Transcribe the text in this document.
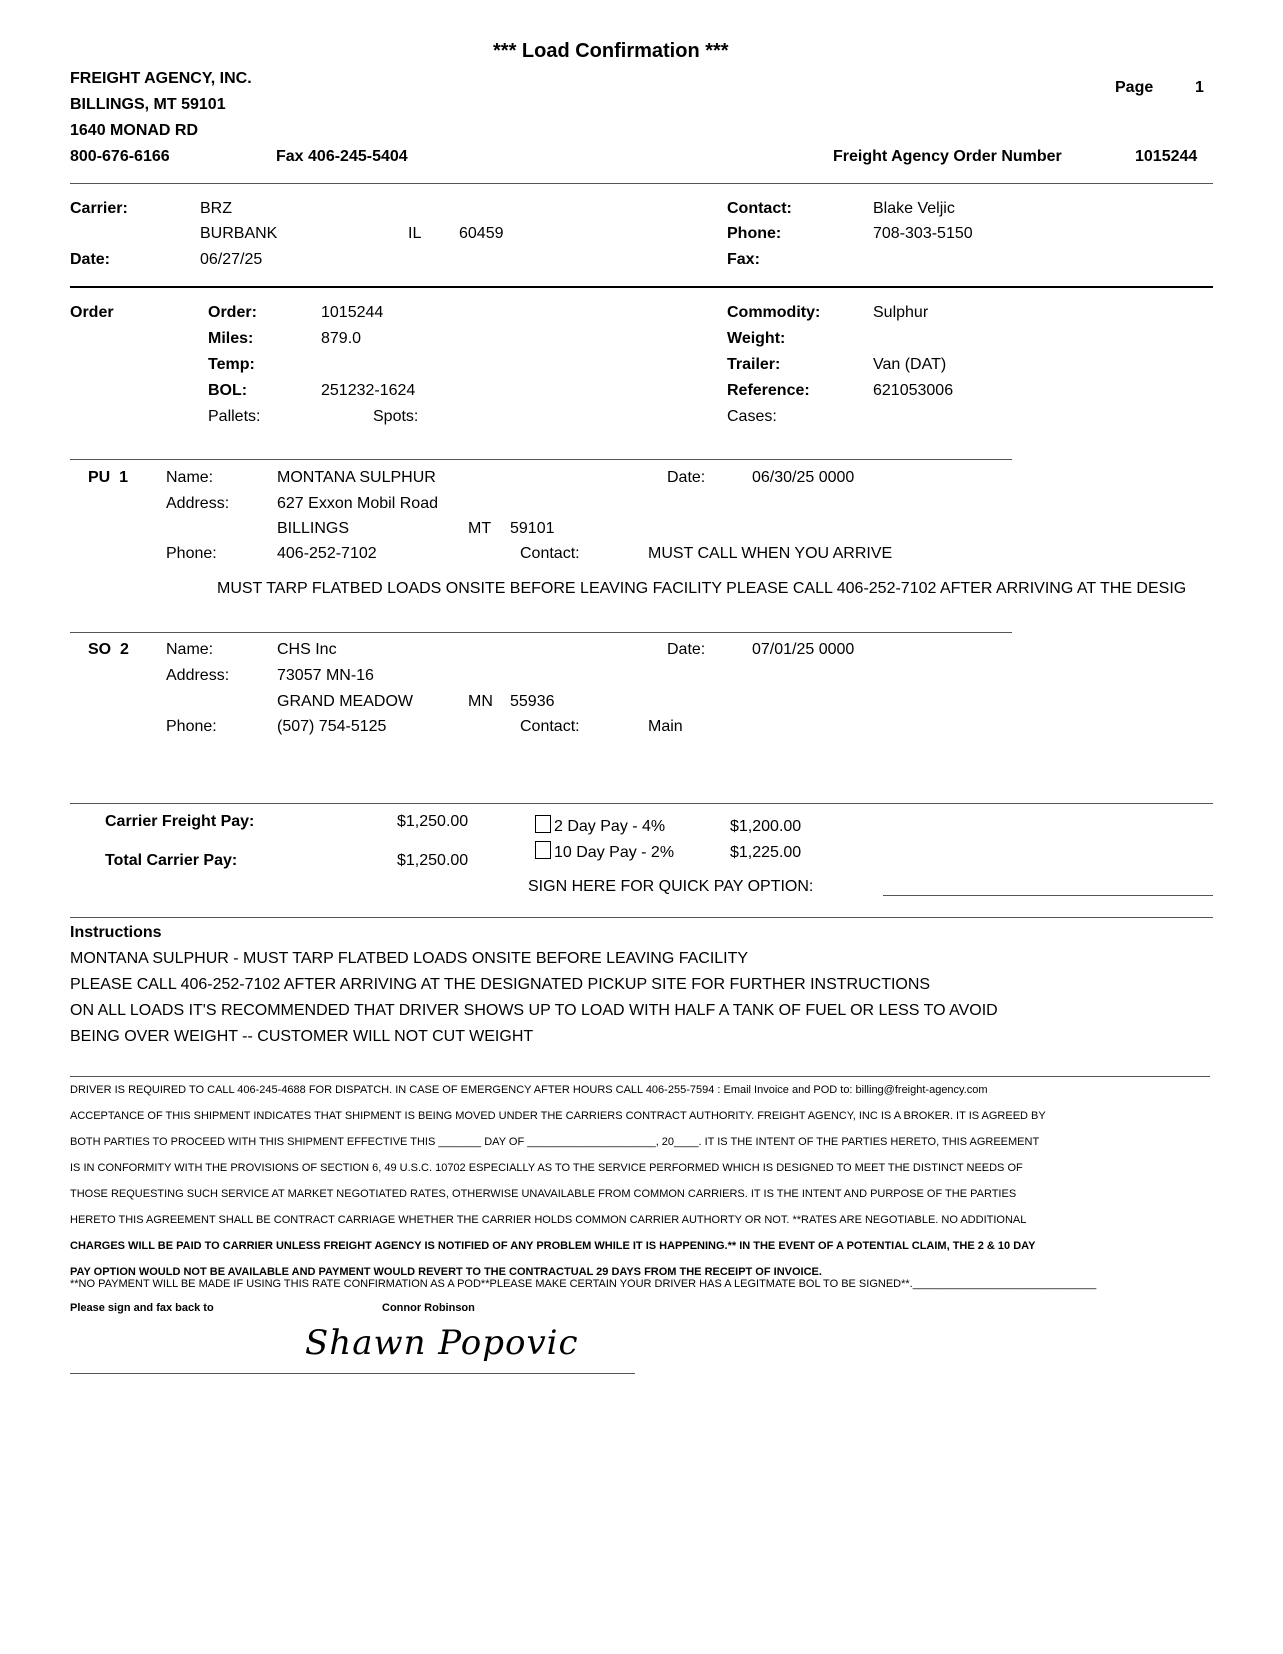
*** Load Confirmation ***
FREIGHT AGENCY, INC.
BILLINGS, MT 59101
1640 MONAD RD
800-676-6166	Fax 406-245-5404
Page	1
Freight Agency Order Number	1015244
Carrier:	BRZ
BURBANK	IL 60459
Date:	06/27/25
Contact:	Blake Veljic
Phone:	708-303-5150
Fax:
Order	Order:	1015244
Miles:	879.0
Temp:
BOL:	251232-1624
Pallets:	Spots:
Commodity:	Sulphur
Weight:
Trailer:	Van (DAT)
Reference:	621053006
Cases:
PU  1 Name:	MONTANA SULPHUR	Date:	06/30/25 0000
Address:	627 Exxon Mobil Road
BILLINGS	MT 59101
Phone:	406-252-7102	Contact:	MUST CALL WHEN YOU ARRIVE
MUST TARP FLATBED LOADS ONSITE BEFORE LEAVING FACILITY PLEASE CALL 406-252-7102 AFTER ARRIVING AT THE DESIG
SO  2 Name:	CHS Inc	Date:	07/01/25 0000
Address:	73057 MN-16
GRAND MEADOW	MN 55936
Phone:	(507) 754-5125	Contact:	Main
Carrier Freight Pay:	$1,250.00
Total Carrier Pay:	$1,250.00
2 Day Pay - 4%	$1,200.00
10 Day Pay - 2%	$1,225.00
SIGN HERE FOR QUICK PAY OPTION:
Instructions
MONTANA SULPHUR - MUST TARP FLATBED LOADS ONSITE BEFORE LEAVING FACILITY
PLEASE CALL 406-252-7102 AFTER ARRIVING AT THE DESIGNATED PICKUP SITE FOR FURTHER INSTRUCTIONS
ON ALL LOADS IT'S RECOMMENDED THAT DRIVER SHOWS UP TO LOAD WITH HALF A TANK OF FUEL OR LESS TO AVOID
BEING OVER WEIGHT -- CUSTOMER WILL NOT CUT WEIGHT
DRIVER IS REQUIRED TO CALL 406-245-4688 FOR DISPATCH. IN CASE OF EMERGENCY AFTER HOURS CALL 406-255-7594 : Email Invoice and POD to: billing@freight-agency.com
ACCEPTANCE OF THIS SHIPMENT INDICATES THAT SHIPMENT IS BEING MOVED UNDER THE CARRIERS CONTRACT AUTHORITY. FREIGHT AGENCY, INC IS A BROKER. IT IS AGREED BY
BOTH PARTIES TO PROCEED WITH THIS SHIPMENT EFFECTIVE THIS _______ DAY OF _____________________, 20____. IT IS THE INTENT OF THE PARTIES HERETO, THIS AGREEMENT
IS IN CONFORMITY WITH THE PROVISIONS OF SECTION 6, 49 U.S.C. 10702 ESPECIALLY AS TO THE SERVICE PERFORMED WHICH IS DESIGNED TO MEET THE DISTINCT NEEDS OF
THOSE REQUESTING SUCH SERVICE AT MARKET NEGOTIATED RATES, OTHERWISE UNAVAILABLE FROM COMMON CARRIERS. IT IS THE INTENT AND PURPOSE OF THE PARTIES
HERETO THIS AGREEMENT SHALL BE CONTRACT CARRIAGE WHETHER THE CARRIER HOLDS COMMON CARRIER AUTHORTY OR NOT. **RATES ARE NEGOTIABLE. NO ADDITIONAL
CHARGES WILL BE PAID TO CARRIER UNLESS FREIGHT AGENCY IS NOTIFIED OF ANY PROBLEM WHILE IT IS HAPPENING.** IN THE EVENT OF A POTENTIAL CLAIM, THE 2 & 10 DAY
PAY OPTION WOULD NOT BE AVAILABLE AND PAYMENT WOULD REVERT TO THE CONTRACTUAL 29 DAYS FROM THE RECEIPT OF INVOICE.
**NO PAYMENT WILL BE MADE IF USING THIS RATE CONFIRMATION AS A POD**PLEASE MAKE CERTAIN YOUR DRIVER HAS A LEGITMATE BOL TO BE SIGNED**.______________________________
Please sign and fax back to	Connor Robinson
Shawn Popovic
